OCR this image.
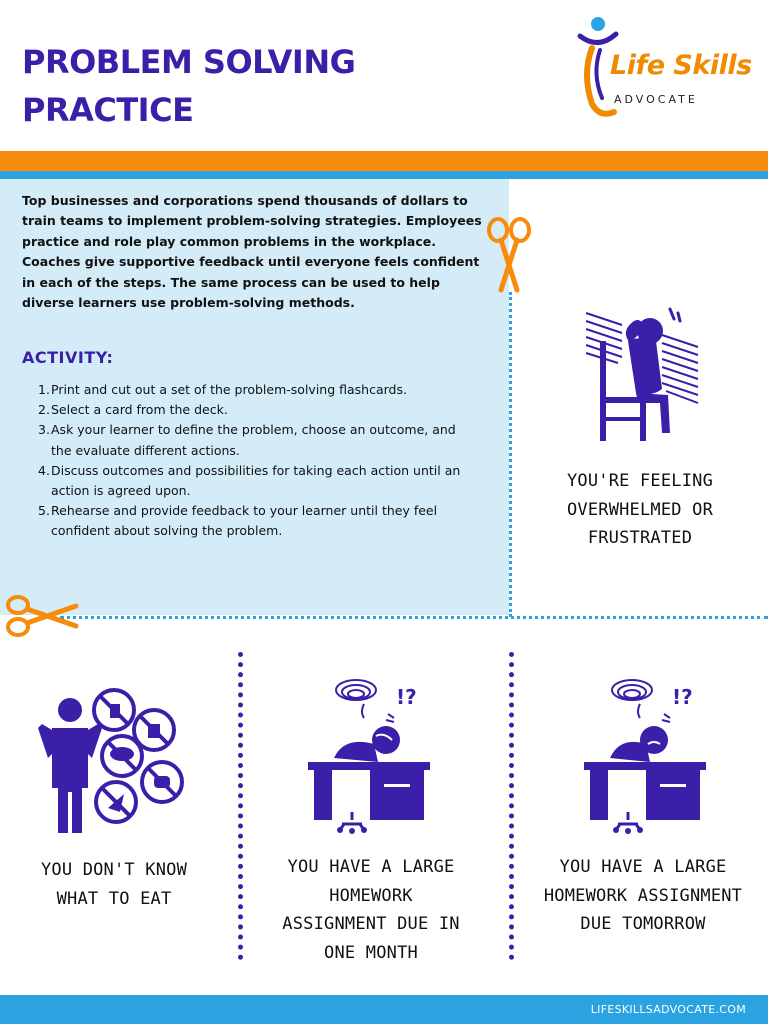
PROBLEM SOLVING
PRACTICE
Life Skills
ADVOCATE
Top businesses and corporations spend thousands of dollars to train teams to implement problem-solving strategies. Employees practice and role play common problems in the workplace. Coaches give supportive feedback until everyone feels confident in each of the steps. The same process can be used to help diverse learners use problem-solving methods.
ACTIVITY:
1. Print and cut out a set of the problem-solving flashcards.
2. Select a card from the deck.
3. Ask your learner to define the problem, choose an outcome, and the evaluate different actions.
4. Discuss outcomes and possibilities for taking each action until an action is agreed upon.
5. Rehearse and provide feedback to your learner until they feel confident about solving the problem.
YOU'RE FEELING
OVERWHELMED OR
FRUSTRATED
YOU DON'T KNOW
WHAT TO EAT
!?
YOU HAVE A LARGE
HOMEWORK
ASSIGNMENT DUE IN
ONE MONTH
!?
YOU HAVE A LARGE
HOMEWORK ASSIGNMENT
DUE TOMORROW
LIFESKILLSADVOCATE.COM
